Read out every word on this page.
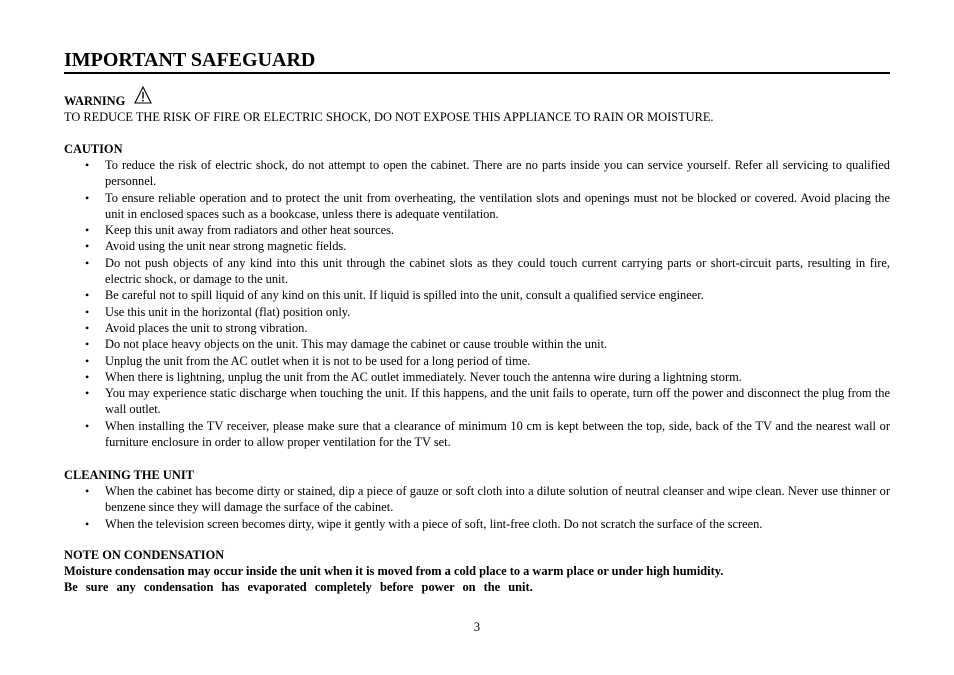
IMPORTANT SAFEGUARD
WARNING
TO REDUCE THE RISK OF FIRE OR ELECTRIC SHOCK, DO NOT EXPOSE THIS APPLIANCE TO RAIN OR MOISTURE.
CAUTION
• To reduce the risk of electric shock, do not attempt to open the cabinet. There are no parts inside you can service yourself. Refer all servicing to qualified personnel.
• To ensure reliable operation and to protect the unit from overheating, the ventilation slots and openings must not be blocked or covered. Avoid placing the unit in enclosed spaces such as a bookcase, unless there is adequate ventilation.
• Keep this unit away from radiators and other heat sources.
• Avoid using the unit near strong magnetic fields.
• Do not push objects of any kind into this unit through the cabinet slots as they could touch current carrying parts or short-circuit parts, resulting in fire, electric shock, or damage to the unit.
• Be careful not to spill liquid of any kind on this unit. If liquid is spilled into the unit, consult a qualified service engineer.
• Use this unit in the horizontal (flat) position only.
• Avoid places the unit to strong vibration.
• Do not place heavy objects on the unit. This may damage the cabinet or cause trouble within the unit.
• Unplug the unit from the AC outlet when it is not to be used for a long period of time.
• When there is lightning, unplug the unit from the AC outlet immediately. Never touch the antenna wire during a lightning storm.
• You may experience static discharge when touching the unit. If this happens, and the unit fails to operate, turn off the power and disconnect the plug from the wall outlet.
• When installing the TV receiver, please make sure that a clearance of minimum 10 cm is kept between the top, side, back of the TV and the nearest wall or furniture enclosure in order to allow proper ventilation for the TV set.
CLEANING THE UNIT
• When the cabinet has become dirty or stained, dip a piece of gauze or soft cloth into a dilute solution of neutral cleanser and wipe clean. Never use thinner or benzene since they will damage the surface of the cabinet.
• When the television screen becomes dirty, wipe it gently with a piece of soft, lint-free cloth. Do not scratch the surface of the screen.
NOTE ON CONDENSATION
Moisture condensation may occur inside the unit when it is moved from a cold place to a warm place or under high humidity.
Be sure any condensation has evaporated completely before power on the unit.
3
